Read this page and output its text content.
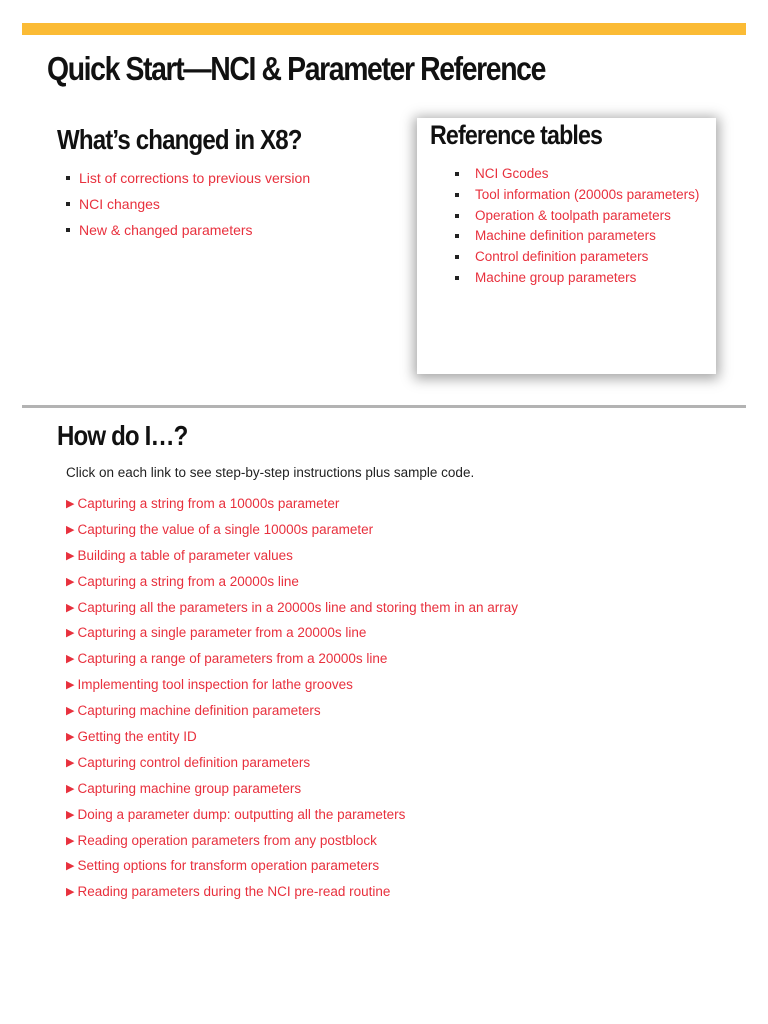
Quick Start—NCI & Parameter Reference
What’s changed in X8?
List of corrections to previous version
NCI changes
New & changed parameters
Reference tables
NCI Gcodes
Tool information (20000s parameters)
Operation & toolpath parameters
Machine definition parameters
Control definition parameters
Machine group parameters
How do I…?
Click on each link to see step-by-step instructions plus sample code.
▶ Capturing a string from a 10000s parameter
▶ Capturing the value of a single 10000s parameter
▶ Building a table of parameter values
▶ Capturing a string from a 20000s line
▶ Capturing all the parameters in a 20000s line and storing them in an array
▶ Capturing a single parameter from a 20000s line
▶ Capturing a range of parameters from a 20000s line
▶ Implementing tool inspection for lathe grooves
▶ Capturing machine definition parameters
▶ Getting the entity ID
▶ Capturing control definition parameters
▶ Capturing machine group parameters
▶ Doing a parameter dump: outputting all the parameters
▶ Reading operation parameters from any postblock
▶ Setting options for transform operation parameters
▶ Reading parameters during the NCI pre-read routine
